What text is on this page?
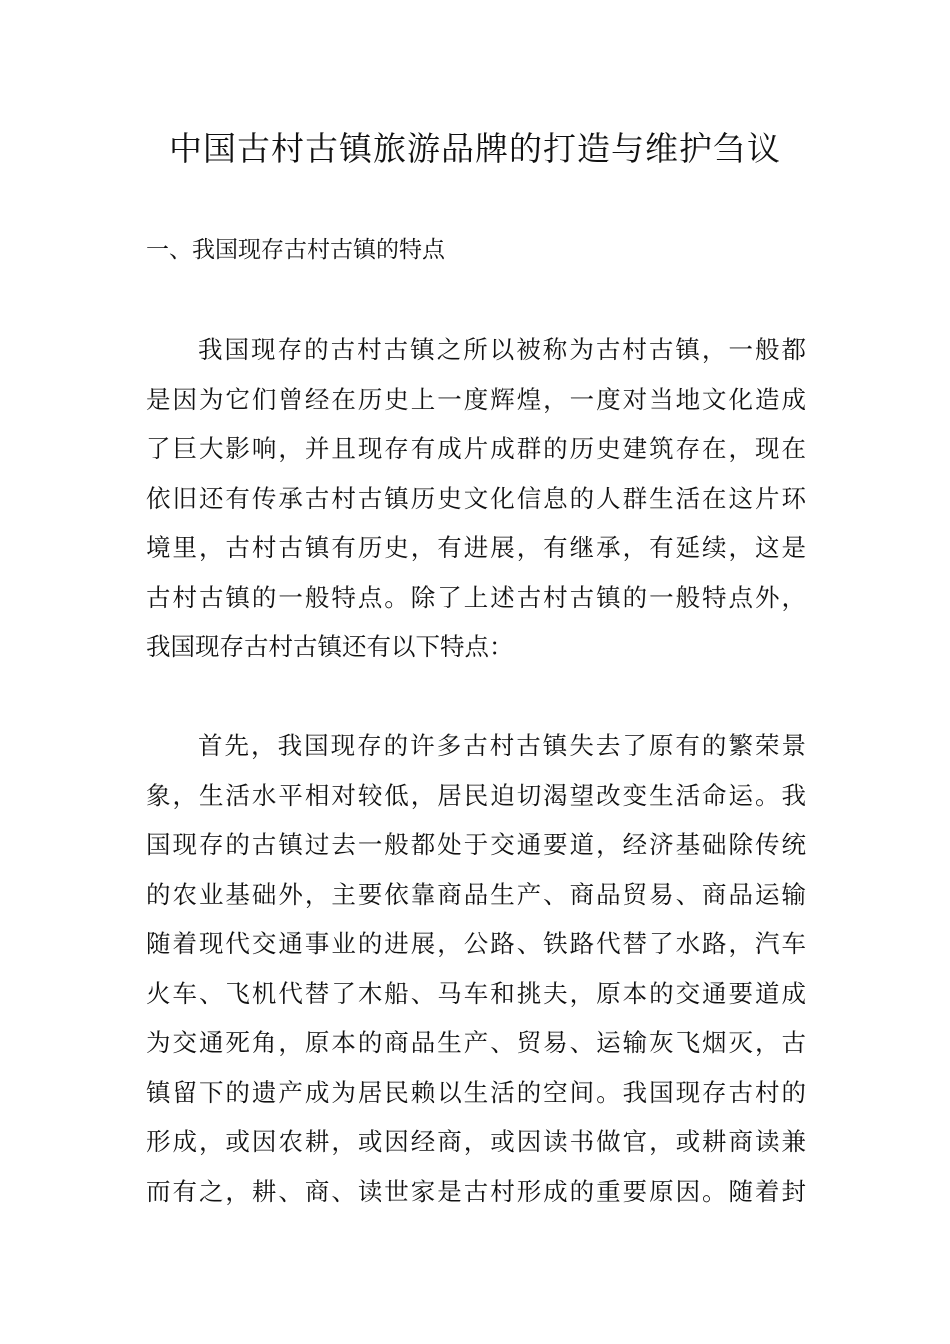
中国古村古镇旅游品牌的打造与维护刍议
一、我国现存古村古镇的特点
我国现存的古村古镇之所以被称为古村古镇，一般都
是因为它们曾经在历史上一度辉煌，一度对当地文化造成
了巨大影响，并且现存有成片成群的历史建筑存在，现在
依旧还有传承古村古镇历史文化信息的人群生活在这片环
境里，古村古镇有历史，有进展，有继承，有延续，这是
古村古镇的一般特点。除了上述古村古镇的一般特点外，
我国现存古村古镇还有以下特点：
首先，我国现存的许多古村古镇失去了原有的繁荣景
象，生活水平相对较低，居民迫切渴望改变生活命运。我
国现存的古镇过去一般都处于交通要道，经济基础除传统
的农业基础外，主要依靠商品生产、商品贸易、商品运输
随着现代交通事业的进展，公路、铁路代替了水路，汽车
火车、飞机代替了木船、马车和挑夫，原本的交通要道成
为交通死角，原本的商品生产、贸易、运输灰飞烟灭，古
镇留下的遗产成为居民赖以生活的空间。我国现存古村的
形成，或因农耕，或因经商，或因读书做官，或耕商读兼
而有之，耕、商、读世家是古村形成的重要原因。随着封
